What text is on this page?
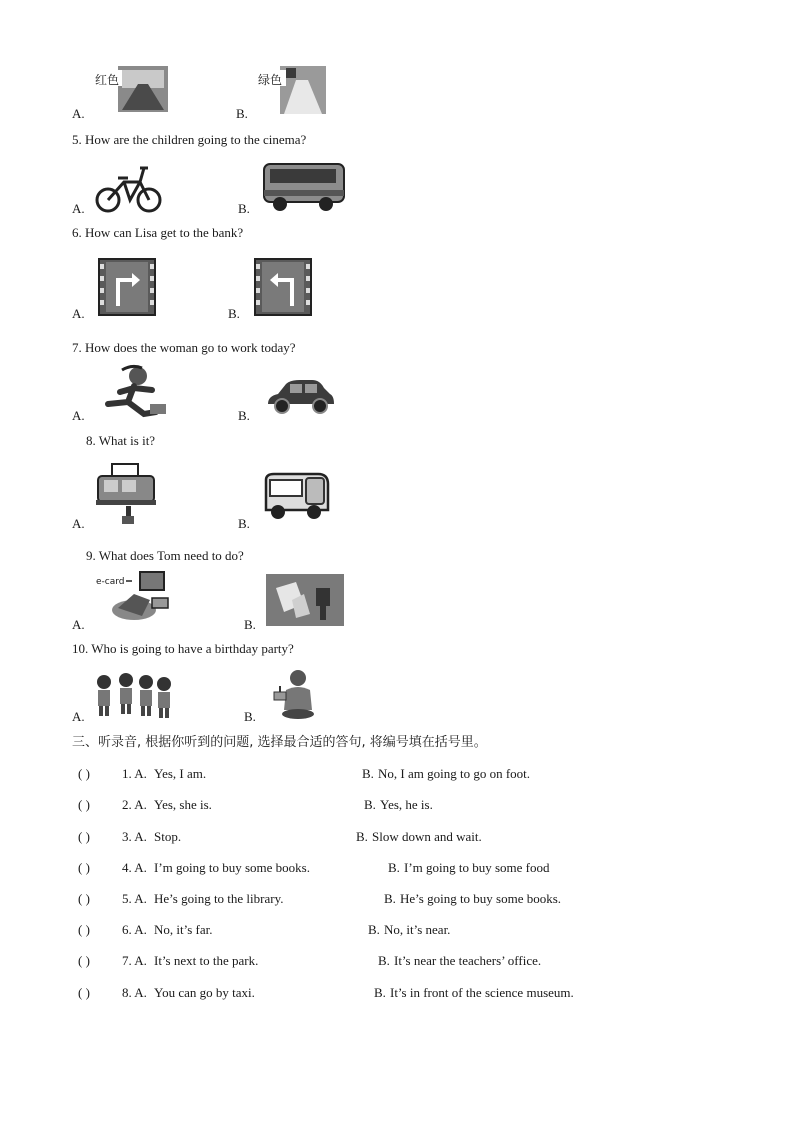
红色
A.
绿色
B.
5. How are the children going to the cinema?
A.	B.
6. How can Lisa get to the bank?
A.	B.
7. How does the woman go to work today?
A.	B.
8. What is it?
A.	B.
9. What does Tom need to do?
e-card
A.	B.
10. Who is going to have a birthday party?
A.	B.
三、听录音, 根据你听到的问题, 选择最合适的答句, 将编号填在括号里。
( ) 1. A. Yes, I am.	B. No, I am going to go on foot.
( ) 2. A. Yes, she is.	B. Yes, he is.
( ) 3. A. Stop.	B. Slow down and wait.
( ) 4. A. I’m going to buy some books.	B. I’m going to buy some food
( ) 5. A. He’s going to the library.	B. He’s going to buy some books.
( ) 6. A. No, it’s far.	B. No, it’s near.
( ) 7. A. It’s next to the park.	B. It’s near the teachers’ office.
( ) 8. A. You can go by taxi.	B. It’s in front of the science museum.
